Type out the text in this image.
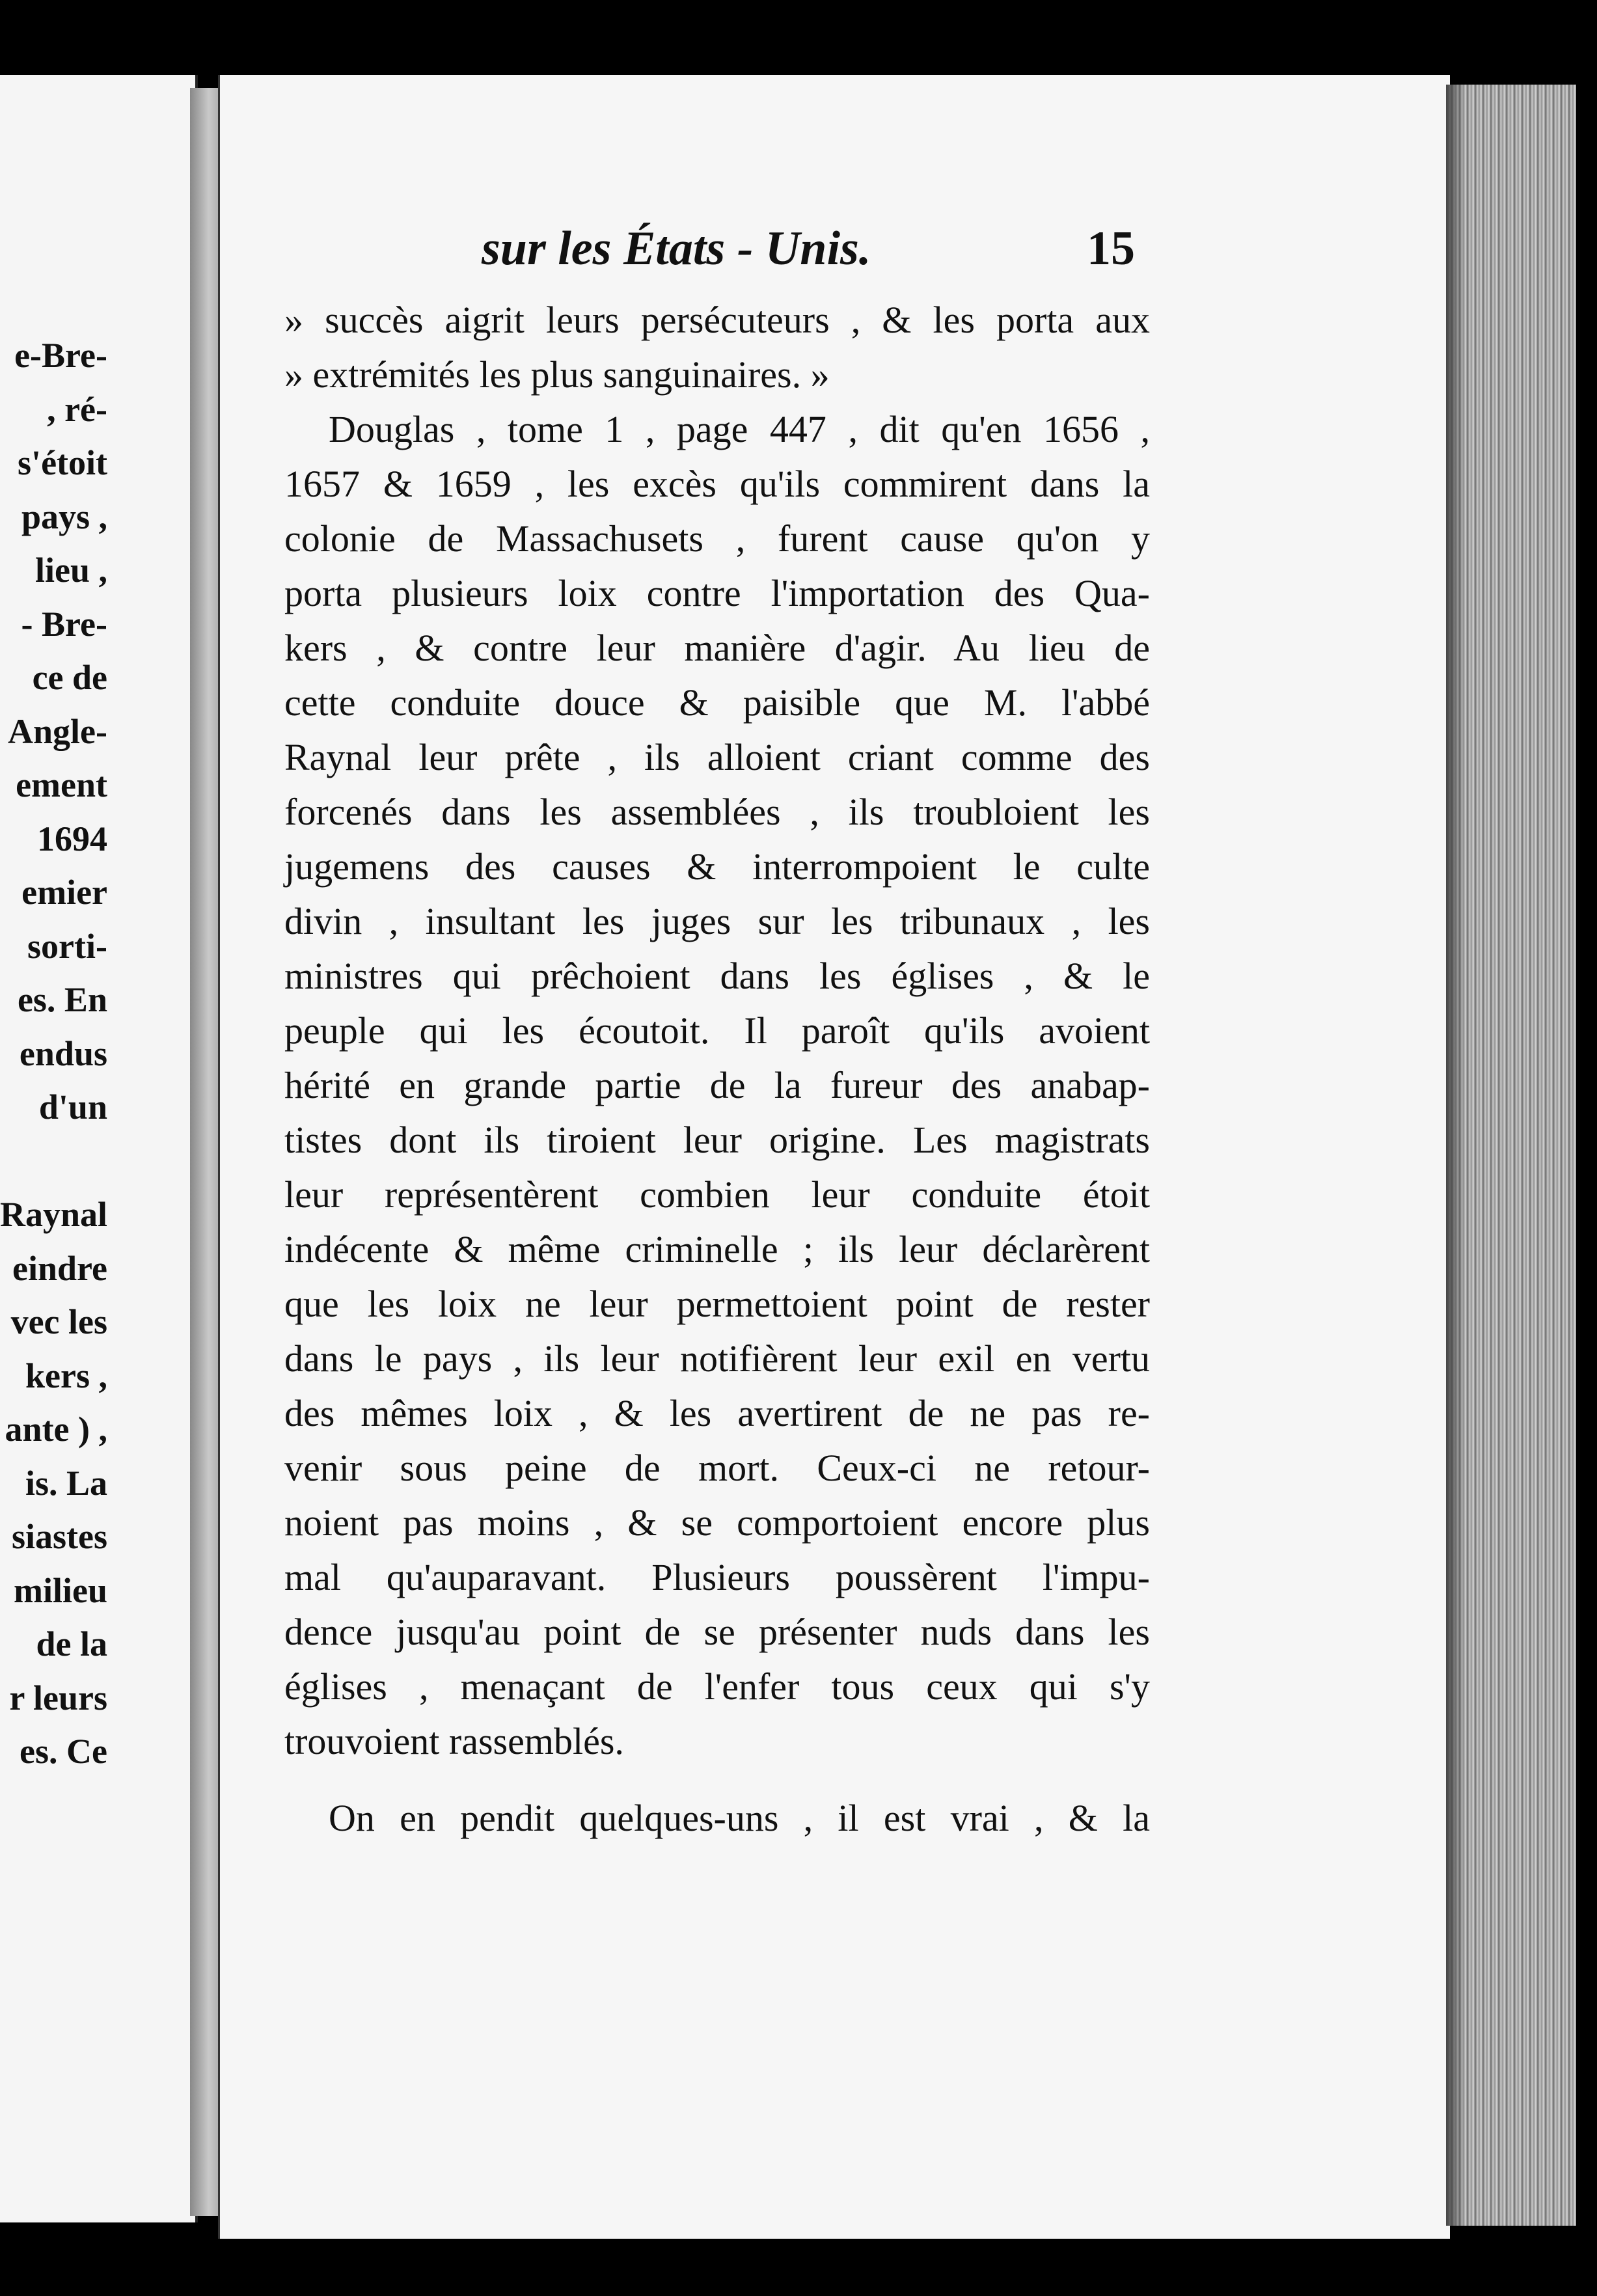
e-Bre-
, ré-
s'étoit
pays ,
lieu ,
- Bre-
ce de
Angle-
ement
1694
emier
sorti-
es. En
endus
d'un
Raynal
eindre
vec les
kers ,
ante ) ,
is. La
siastes
milieu
de la
r leurs
es. Ce
sur les États - Unis.	15
» succès aigrit leurs persécuteurs , & les porta aux
» extrémités les plus sanguinaires. »
Douglas , tome 1 , page 447 , dit qu'en 1656 ,
1657 & 1659 , les excès qu'ils commirent dans la
colonie de Massachusets , furent cause qu'on y
porta plusieurs loix contre l'importation des Qua-
kers , & contre leur manière d'agir. Au lieu de
cette conduite douce & paisible que M. l'abbé
Raynal leur prête , ils alloient criant comme des
forcenés dans les assemblées , ils troubloient les
jugemens des causes & interrompoient le culte
divin , insultant les juges sur les tribunaux , les
ministres qui prêchoient dans les églises , & le
peuple qui les écoutoit. Il paroît qu'ils avoient
hérité en grande partie de la fureur des anabap-
tistes dont ils tiroient leur origine. Les magistrats
leur représentèrent combien leur conduite étoit
indécente & même criminelle ; ils leur déclarèrent
que les loix ne leur permettoient point de rester
dans le pays , ils leur notifièrent leur exil en vertu
des mêmes loix , & les avertirent de ne pas re-
venir sous peine de mort. Ceux-ci ne retour-
noient pas moins , & se comportoient encore plus
mal qu'auparavant. Plusieurs poussèrent l'impu-
dence jusqu'au point de se présenter nuds dans les
églises , menaçant de l'enfer tous ceux qui s'y
trouvoient rassemblés.
On en pendit quelques-uns , il est vrai , & la
